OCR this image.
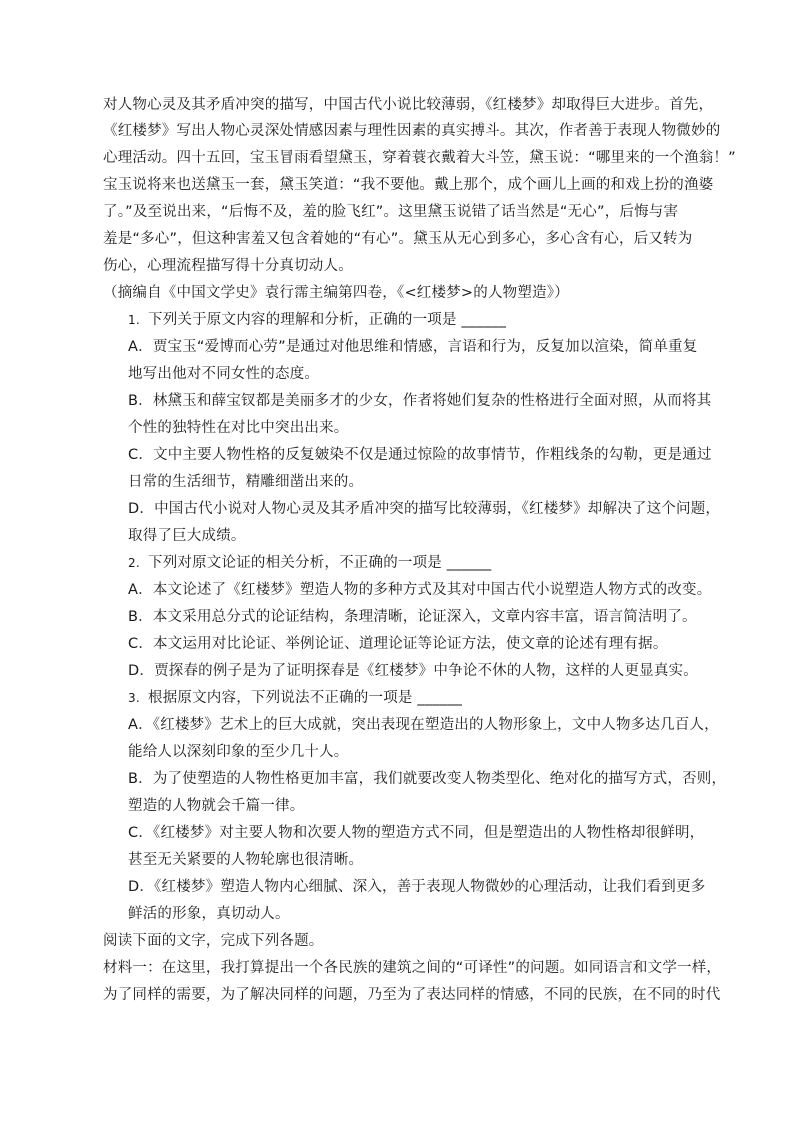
对人物心灵及其矛盾冲突的描写，中国古代小说比较薄弱，《红楼梦》却取得巨大进步。首先，
《红楼梦》写出人物心灵深处情感因素与理性因素的真实搏斗。其次，作者善于表现人物微妙的
心理活动。四十五回，宝玉冒雨看望黛玉，穿着蓑衣戴着大斗笠，黛玉说：“哪里来的一个渔翁！”
宝玉说将来也送黛玉一套，黛玉笑道：“我不要他。戴上那个，成个画儿上画的和戏上扮的渔婆
了。”及至说出来，“后悔不及，羞的脸飞红”。这里黛玉说错了话当然是“无心”，后悔与害
羞是“多心”，但这种害羞又包含着她的“有心”。黛玉从无心到多心，多心含有心，后又转为
伤心，心理流程描写得十分真切动人。
（摘编自《中国文学史》袁行霈主编第四卷，《<红楼梦>的人物塑造》）
1. 下列关于原文内容的理解和分析，正确的一项是 ______
A．贾宝玉“爱博而心劳”是通过对他思维和情感，言语和行为，反复加以渲染，简单重复
地写出他对不同女性的态度。
B．林黛玉和薛宝钗都是美丽多才的少女，作者将她们复杂的性格进行全面对照，从而将其
个性的独特性在对比中突出出来。
C．文中主要人物性格的反复皴染不仅是通过惊险的故事情节，作粗线条的勾勒，更是通过
日常的生活细节，精雕细凿出来的。
D．中国古代小说对人物心灵及其矛盾冲突的描写比较薄弱，《红楼梦》却解决了这个问题，
取得了巨大成绩。
2. 下列对原文论证的相关分析，不正确的一项是 ______
A．本文论述了《红楼梦》塑造人物的多种方式及其对中国古代小说塑造人物方式的改变。
B．本文采用总分式的论证结构，条理清晰，论证深入，文章内容丰富，语言简洁明了。
C．本文运用对比论证、举例论证、道理论证等论证方法，使文章的论述有理有据。
D．贾探春的例子是为了证明探春是《红楼梦》中争论不休的人物，这样的人更显真实。
3. 根据原文内容，下列说法不正确的一项是 ______
A．《红楼梦》艺术上的巨大成就，突出表现在塑造出的人物形象上，文中人物多达几百人，
能给人以深刻印象的至少几十人。
B．为了使塑造的人物性格更加丰富，我们就要改变人物类型化、绝对化的描写方式，否则，
塑造的人物就会千篇一律。
C．《红楼梦》对主要人物和次要人物的塑造方式不同，但是塑造出的人物性格却很鲜明，
甚至无关紧要的人物轮廓也很清晰。
D．《红楼梦》塑造人物内心细腻、深入，善于表现人物微妙的心理活动，让我们看到更多
鲜活的形象，真切动人。
阅读下面的文字，完成下列各题。
材料一：在这里，我打算提出一个各民族的建筑之间的“可译性”的问题。如同语言和文学一样，
为了同样的需要，为了解决同样的问题，乃至为了表达同样的情感，不同的民族，在不同的时代
